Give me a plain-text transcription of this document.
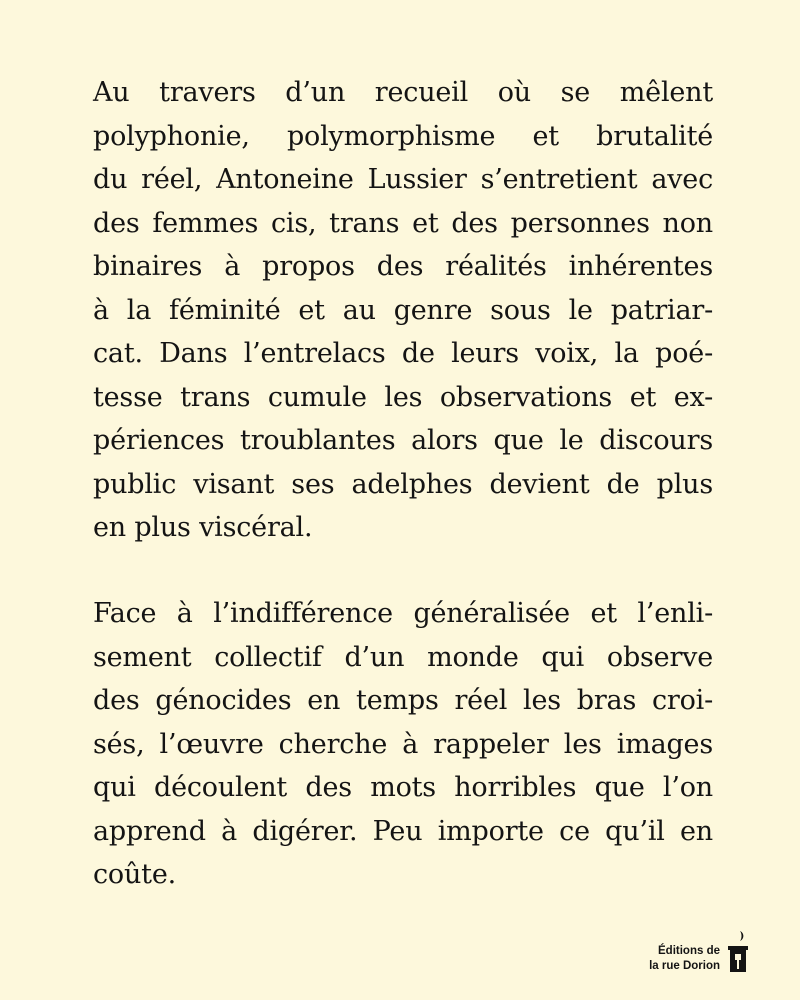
Au travers d’un recueil où se mêlent
polyphonie, polymorphisme et brutalité
du réel, Antoneine Lussier s’entretient avec
des femmes cis, trans et des personnes non
binaires à propos des réalités inhérentes
à la féminité et au genre sous le patriar-
cat. Dans l’entrelacs de leurs voix, la poé-
tesse trans cumule les observations et ex-
périences troublantes alors que le discours
public visant ses adelphes devient de plus
en plus viscéral.
Face à l’indifférence généralisée et l’enli-
sement collectif d’un monde qui observe
des génocides en temps réel les bras croi-
sés, l’œuvre cherche à rappeler les images
qui découlent des mots horribles que l’on
apprend à digérer. Peu importe ce qu’il en
coûte.
Éditions de
la rue Dorion
